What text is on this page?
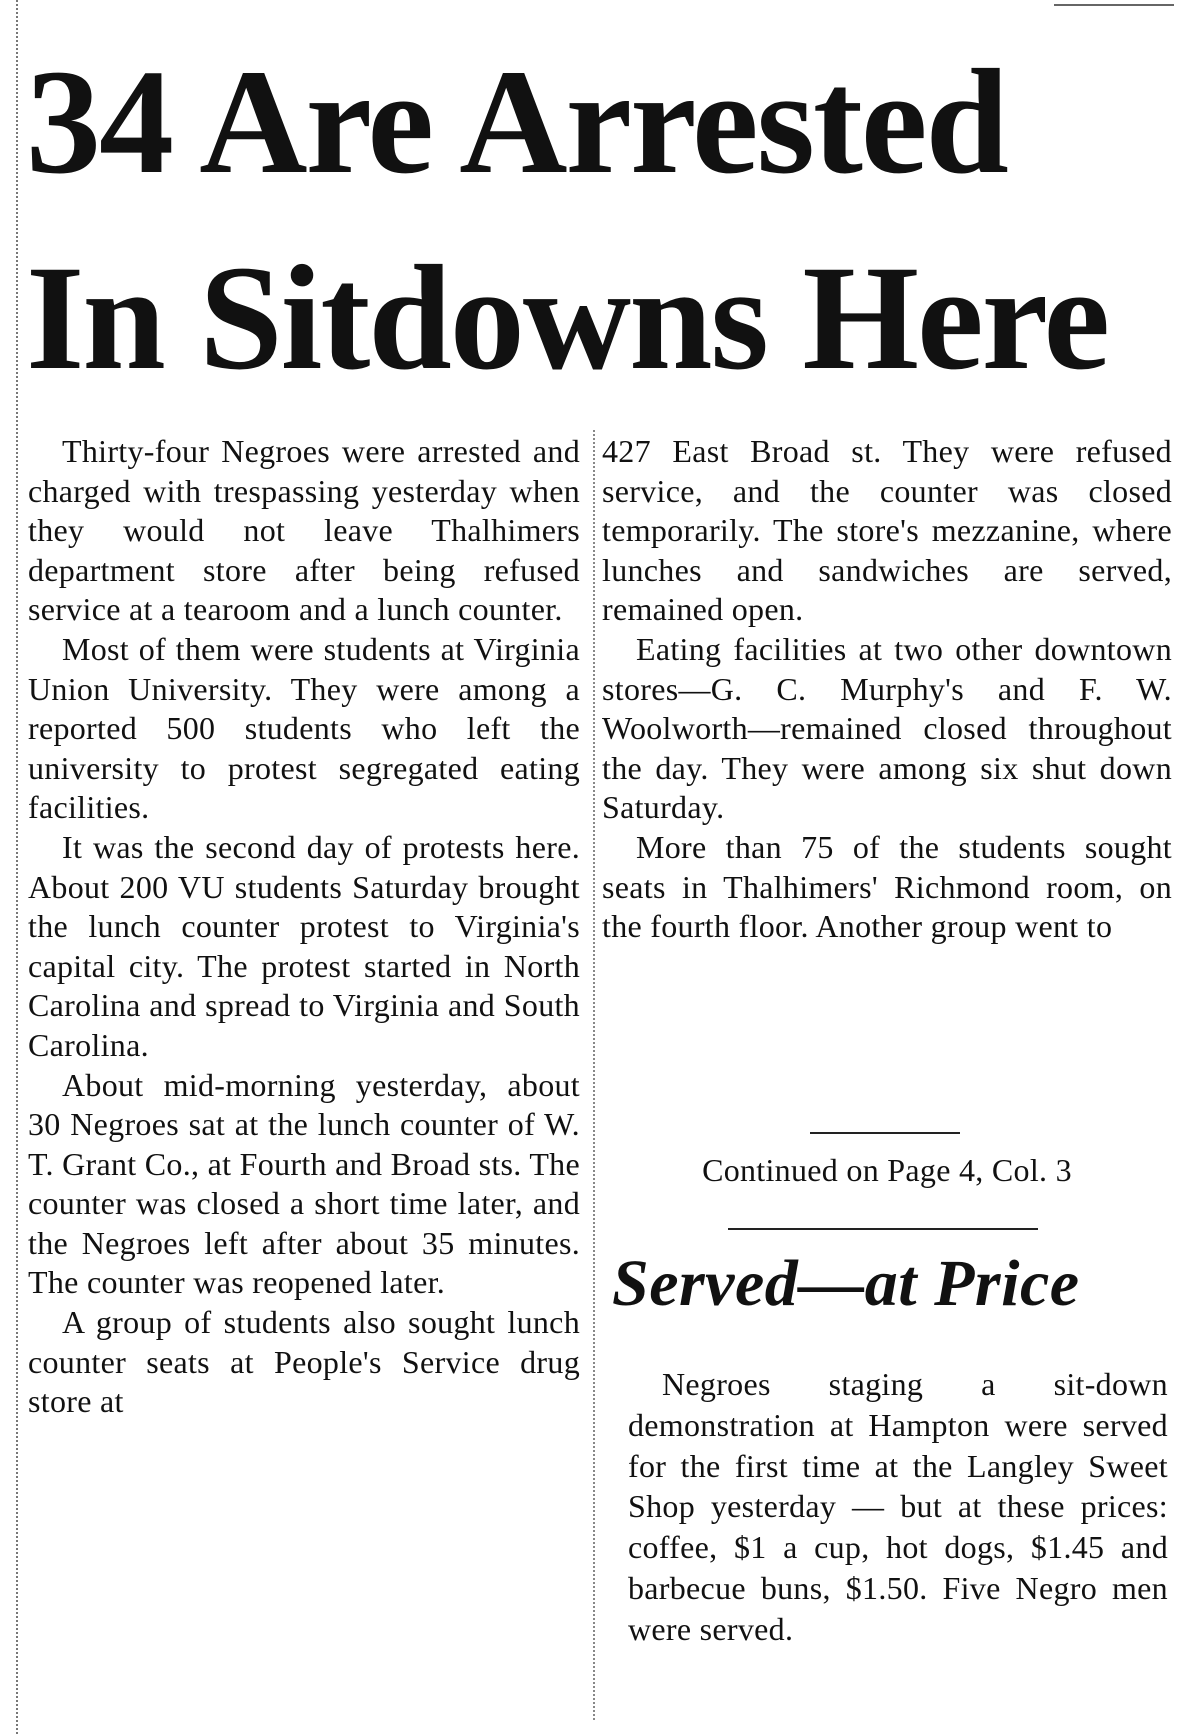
34 Are Arrested
In Sitdowns Here

Thirty-four Negroes were arrested and charged with trespassing yesterday when they would not leave Thalhimers department store after being refused service at a tearoom and a lunch counter.

Most of them were students at Virginia Union University. They were among a reported 500 students who left the university to protest segregated eating facilities.

It was the second day of protests here. About 200 VU students Saturday brought the lunch counter protest to Virginia's capital city. The protest started in North Carolina and spread to Virginia and South Carolina.

About mid-morning yesterday, about 30 Negroes sat at the lunch counter of W. T. Grant Co., at Fourth and Broad sts. The counter was closed a short time later, and the Negroes left after about 35 minutes. The counter was reopened later.

A group of students also sought lunch counter seats at People's Service drug store at

427 East Broad st. They were refused service, and the counter was closed temporarily. The store's mezzanine, where lunches and sandwiches are served, remained open.

Eating facilities at two other downtown stores—G. C. Murphy's and F. W. Woolworth—remained closed throughout the day. They were among six shut down Saturday.

More than 75 of the students sought seats in Thalhimers' Richmond room, on the fourth floor. Another group went to

Continued on Page 4, Col. 3
Served—at Price

Negroes staging a sit-down demonstration at Hampton were served for the first time at the Langley Sweet Shop yesterday — but at these prices: coffee, $1 a cup, hot dogs, $1.45 and barbecue buns, $1.50. Five Negro men were served.
